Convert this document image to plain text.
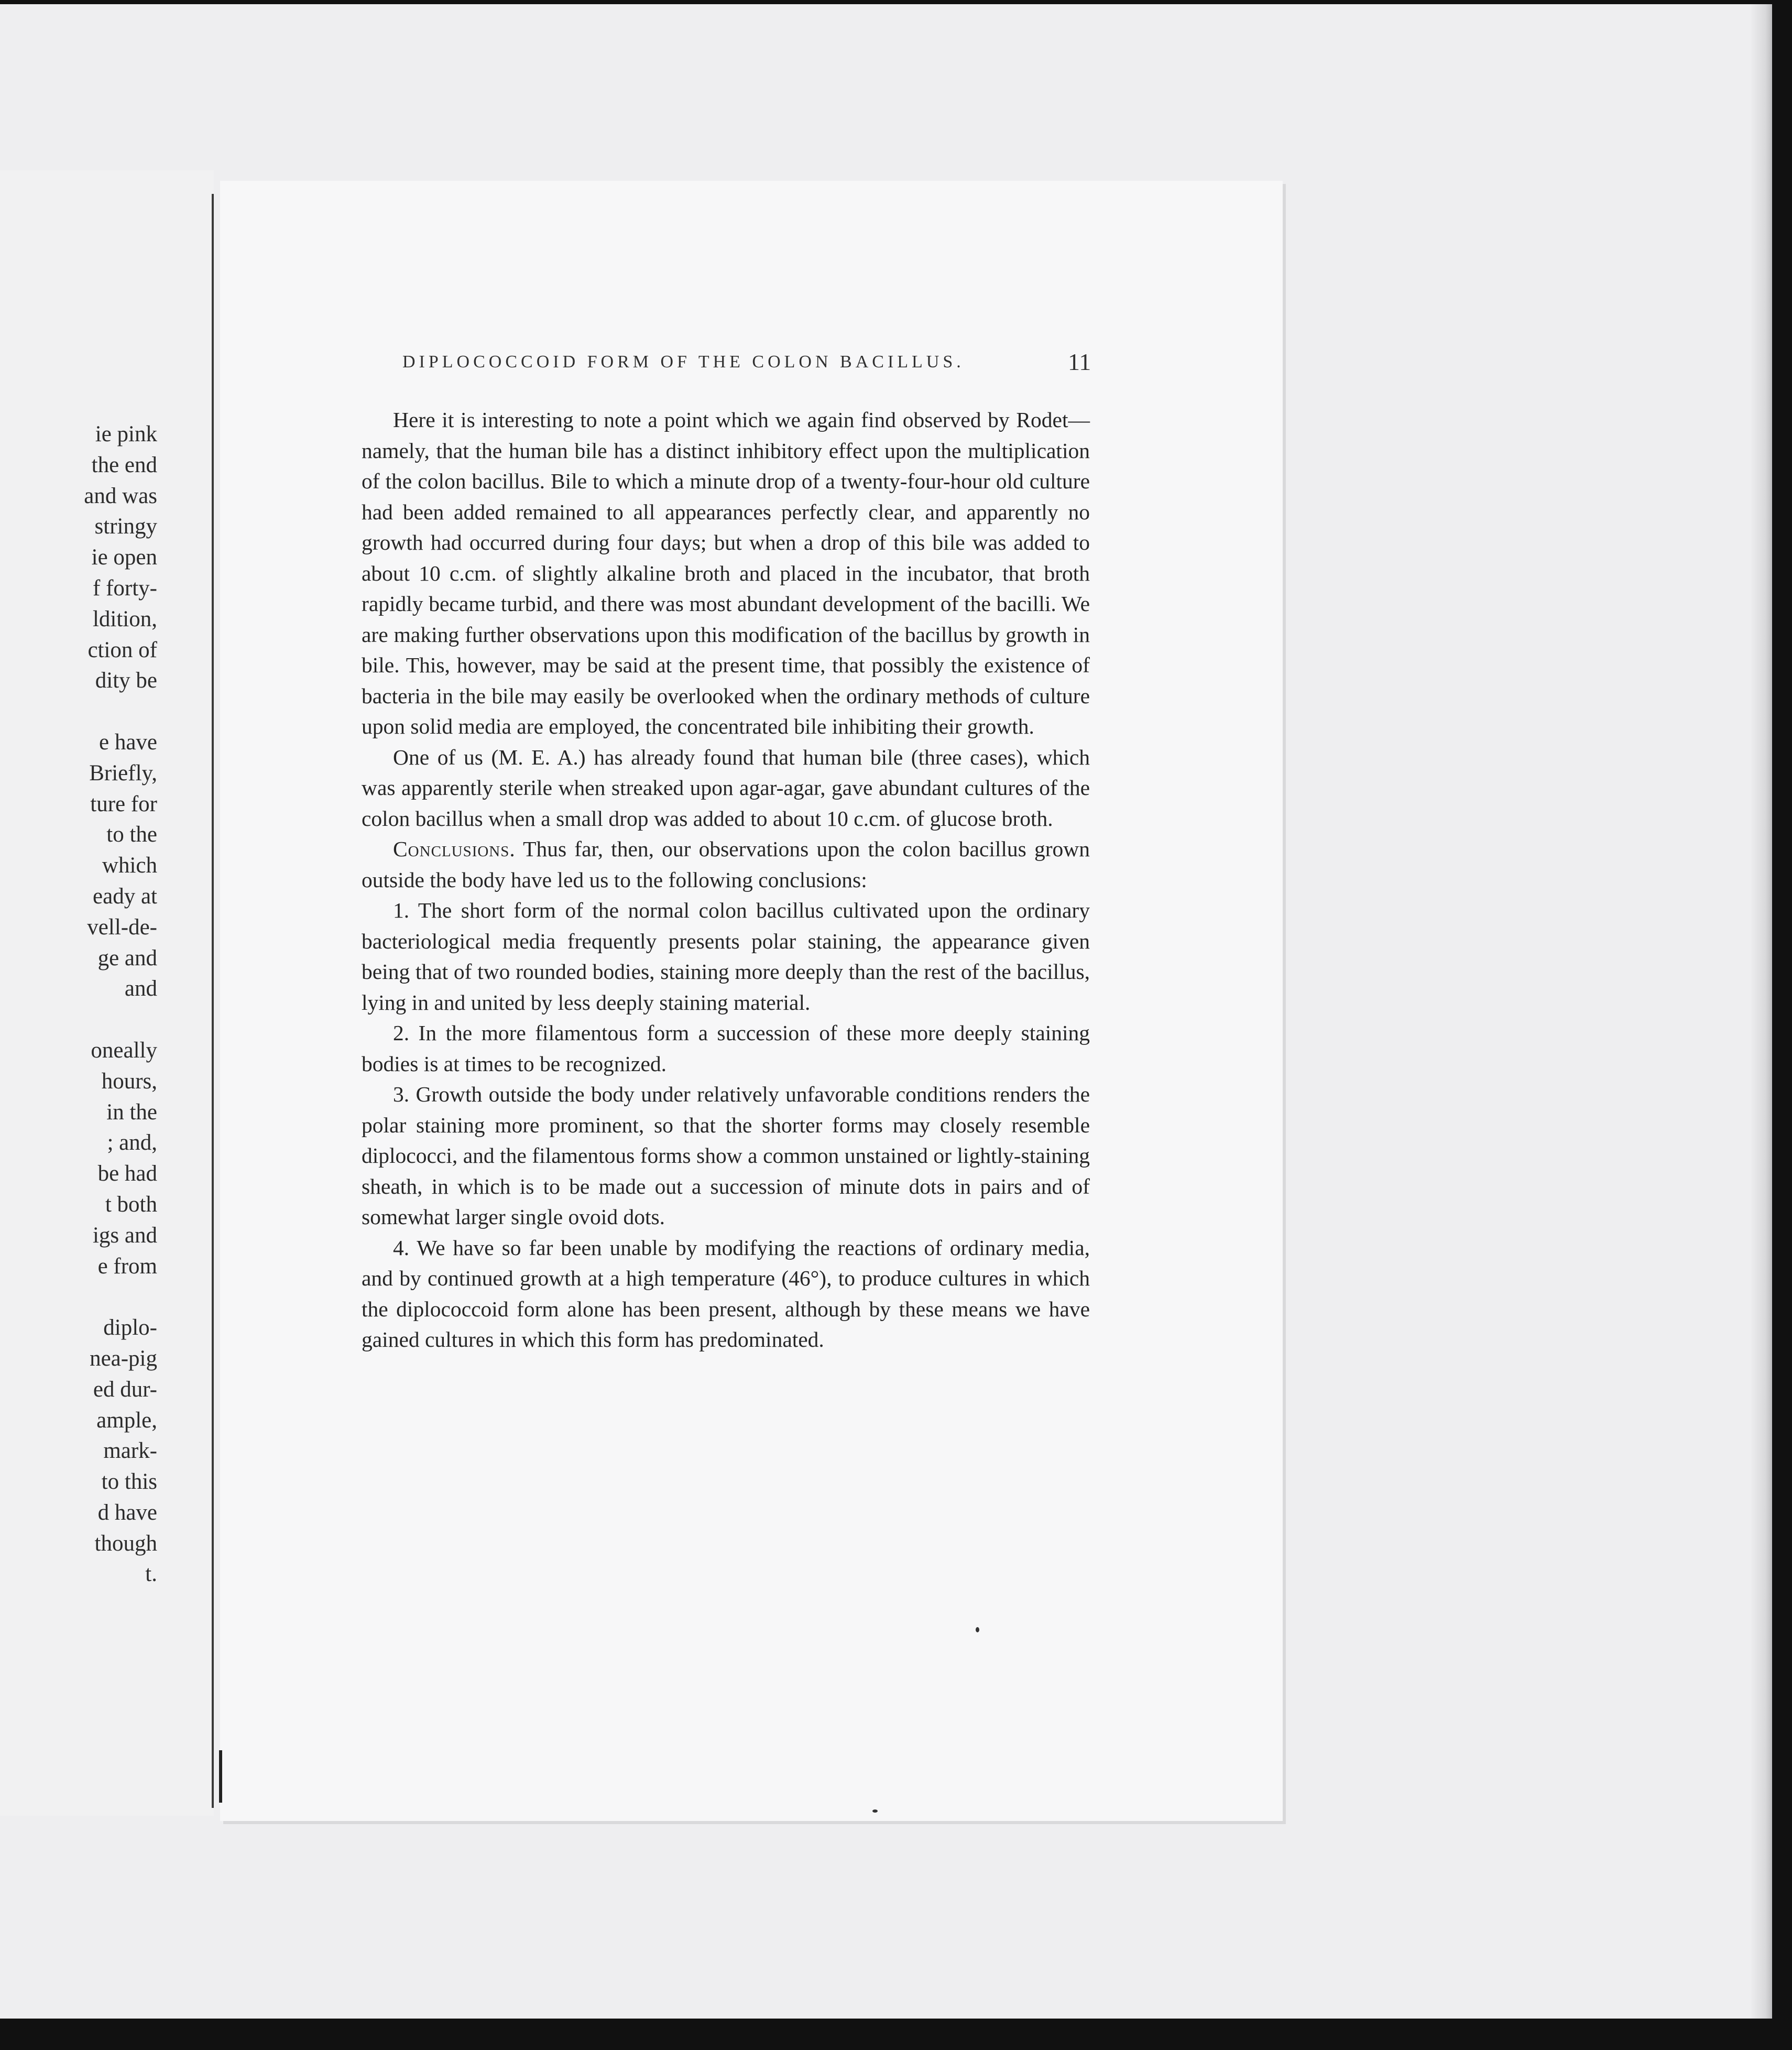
ie pink
the end
and was
stringy
ie open
f forty-
ldition,
ction of
dity be
e have
Briefly,
ture for
to the
which
eady at
vell-de-
ge and
and
oneally
hours,
in the
; and,
be had
t both
igs and
e from
diplo-
nea-pig
ed dur-
ample,
mark-
to this
d have
though
t.
DIPLOCOCCOID FORM OF THE COLON BACILLUS.	11

Here it is interesting to note a point which we again find observed by Rodet—namely, that the human bile has a distinct inhibitory effect upon the multiplication of the colon bacillus. Bile to which a minute drop of a twenty-four-hour old culture had been added remained to all appearances perfectly clear, and apparently no growth had occurred during four days; but when a drop of this bile was added to about 10 c.cm. of slightly alkaline broth and placed in the incubator, that broth rapidly became turbid, and there was most abundant development of the bacilli. We are making further observations upon this modification of the bacillus by growth in bile. This, however, may be said at the present time, that possibly the existence of bacteria in the bile may easily be overlooked when the ordinary methods of culture upon solid media are employed, the concentrated bile inhibiting their growth.

One of us (M. E. A.) has already found that human bile (three cases), which was apparently sterile when streaked upon agar-agar, gave abundant cultures of the colon bacillus when a small drop was added to about 10 c.cm. of glucose broth.

Conclusions. Thus far, then, our observations upon the colon bacillus grown outside the body have led us to the following conclusions:

1. The short form of the normal colon bacillus cultivated upon the ordinary bacteriological media frequently presents polar staining, the appearance given being that of two rounded bodies, staining more deeply than the rest of the bacillus, lying in and united by less deeply staining material.

2. In the more filamentous form a succession of these more deeply staining bodies is at times to be recognized.

3. Growth outside the body under relatively unfavorable conditions renders the polar staining more prominent, so that the shorter forms may closely resemble diplococci, and the filamentous forms show a common unstained or lightly-staining sheath, in which is to be made out a succession of minute dots in pairs and of somewhat larger single ovoid dots.

4. We have so far been unable by modifying the reactions of ordinary media, and by continued growth at a high temperature (46°), to produce cultures in which the diplococcoid form alone has been present, although by these means we have gained cultures in which this form has predominated.
